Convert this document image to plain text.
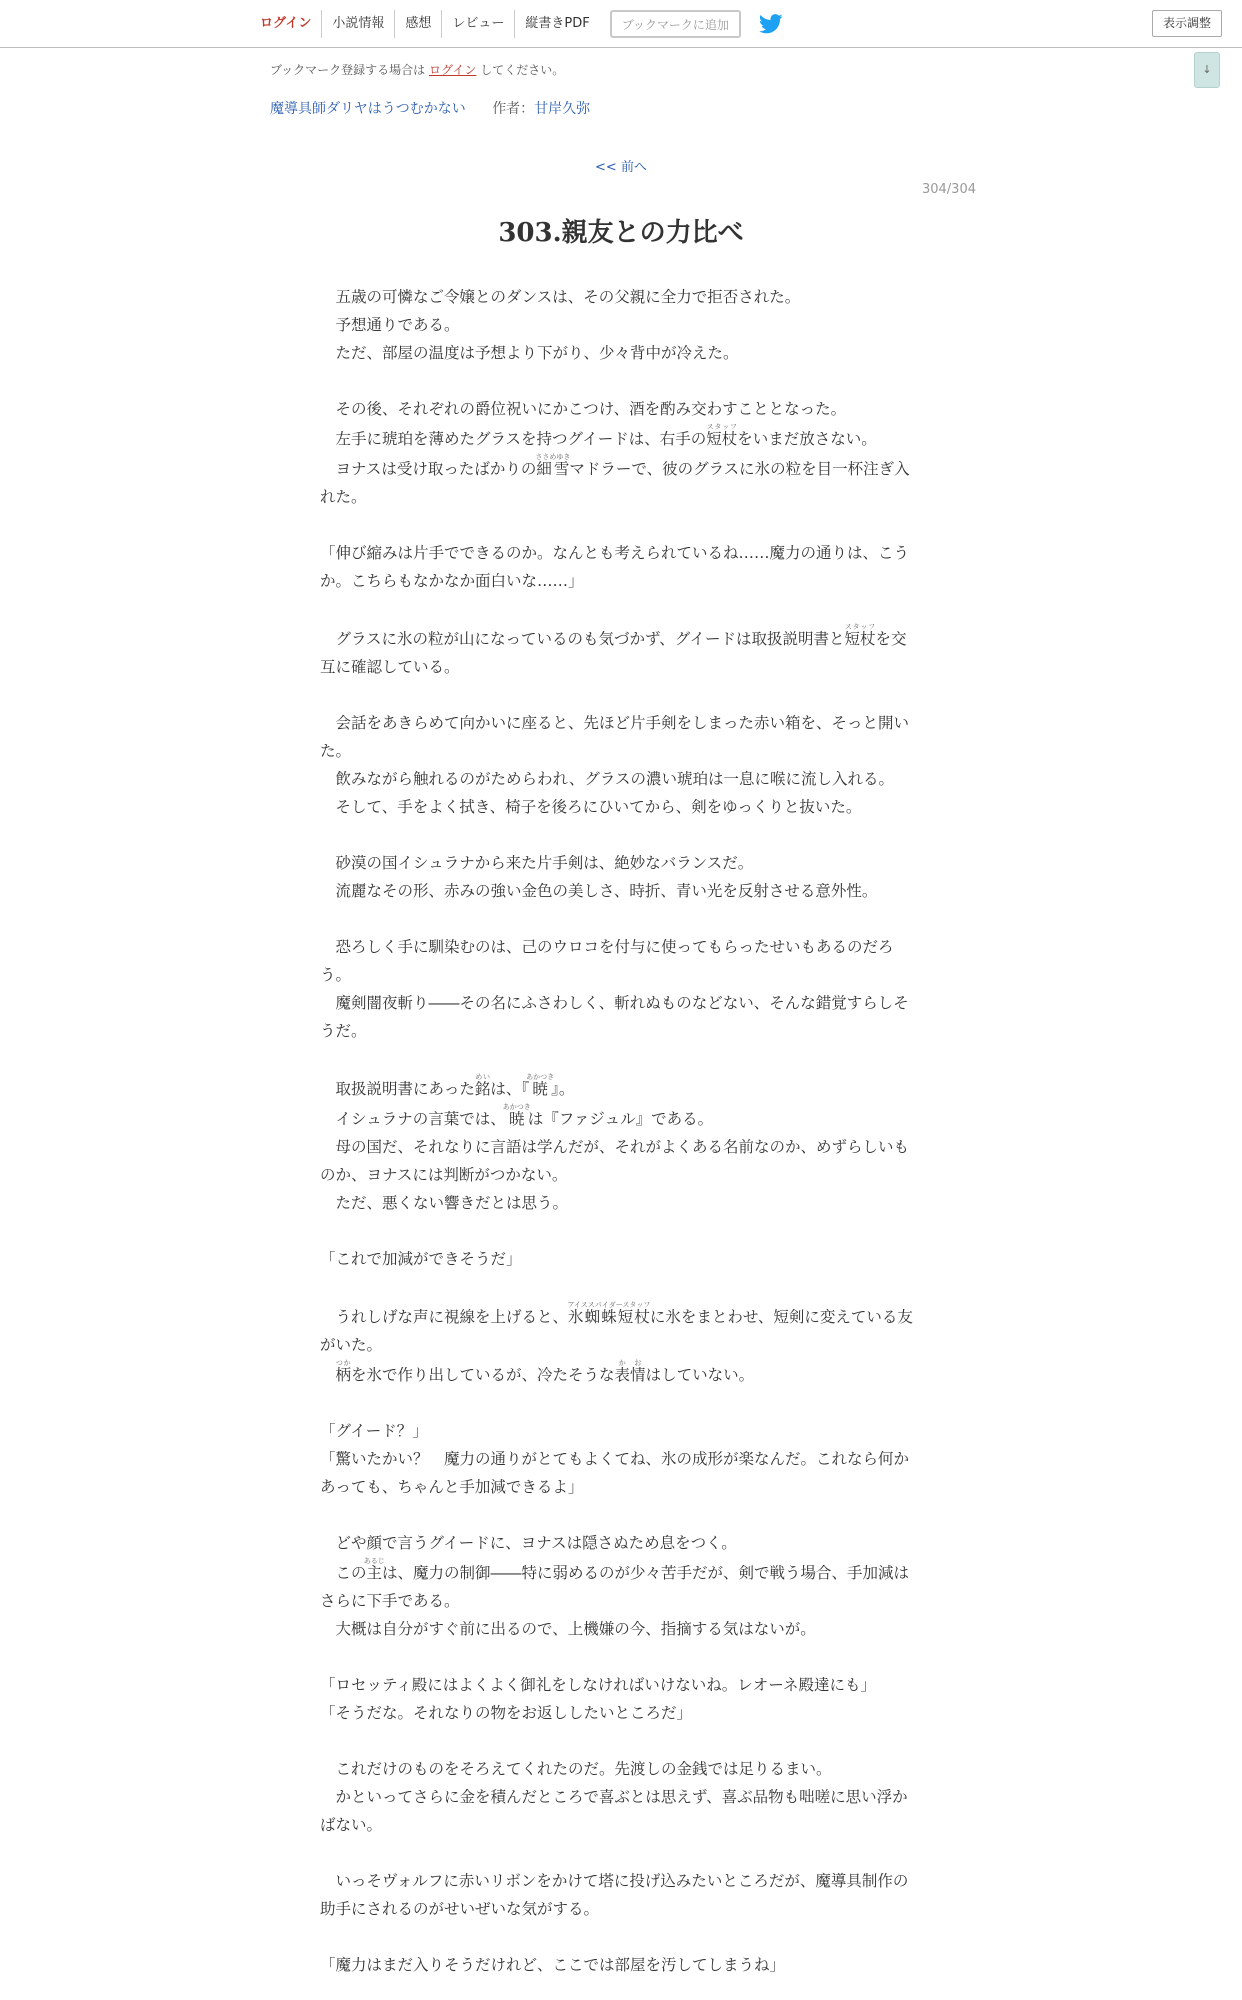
ログイン	小説情報	感想	レビュー	縦書きPDF	ブックマークに追加	表示調整
↓
ブックマーク登録する場合は ログイン してください。
魔導具師ダリヤはうつむかない 作者：甘岸久弥
<< 前へ
304/304
303.親友との力比べ

　五歳の可憐なご令嬢とのダンスは、その父親に全力で拒否された。

　予想通りである。

　ただ、部屋の温度は予想より下がり、少々背中が冷えた。

　その後、それぞれの爵位祝いにかこつけ、酒を酌み交わすこととなった。

　左手に琥珀を薄めたグラスを持つグイードは、右手の短杖スタッフをいまだ放さない。

　ヨナスは受け取ったばかりの細雪ささめゆきマドラーで、彼のグラスに氷の粒を目一杯注ぎ入れた。

「伸び縮みは片手でできるのか。なんとも考えられているね……魔力の通りは、こうか。こちらもなかなか面白いな……」

　グラスに氷の粒が山になっているのも気づかず、グイードは取扱説明書と短杖スタッフを交互に確認している。

　会話をあきらめて向かいに座ると、先ほど片手剣をしまった赤い箱を、そっと開いた。

　飲みながら触れるのがためらわれ、グラスの濃い琥珀は一息に喉に流し入れる。

　そして、手をよく拭き、椅子を後ろにひいてから、剣をゆっくりと抜いた。

　砂漠の国イシュラナから来た片手剣は、絶妙なバランスだ。

　流麗なその形、赤みの強い金色の美しさ、時折、青い光を反射させる意外性。

　恐ろしく手に馴染むのは、己のウロコを付与に使ってもらったせいもあるのだろう。

　魔剣闇夜斬り――その名にふさわしく、斬れぬものなどない、そんな錯覚すらしそうだ。

　取扱説明書にあった銘めいは、『暁あかつき』。

　イシュラナの言葉では、暁あかつきは『ファジュル』である。

　母の国だ、それなりに言語は学んだが、それがよくある名前なのか、めずらしいものか、ヨナスには判断がつかない。

　ただ、悪くない響きだとは思う。

「これで加減ができそうだ」

　うれしげな声に視線を上げると、氷蜘蛛短杖アイススパイダースタッフに氷をまとわせ、短剣に変えている友がいた。

　柄つかを氷で作り出しているが、冷たそうな表情かおはしていない。

「グイード？」

「驚いたかい？　魔力の通りがとてもよくてね、氷の成形が楽なんだ。これなら何かあっても、ちゃんと手加減できるよ」

　どや顔で言うグイードに、ヨナスは隠さぬため息をつく。

　この主あるじは、魔力の制御――特に弱めるのが少々苦手だが、剣で戦う場合、手加減はさらに下手である。

　大概は自分がすぐ前に出るので、上機嫌の今、指摘する気はないが。

「ロセッティ殿にはよくよく御礼をしなければいけないね。レオーネ殿達にも」

「そうだな。それなりの物をお返ししたいところだ」

　これだけのものをそろえてくれたのだ。先渡しの金銭では足りるまい。

　かといってさらに金を積んだところで喜ぶとは思えず、喜ぶ品物も咄嗟に思い浮かばない。

　いっそヴォルフに赤いリボンをかけて塔に投げ込みたいところだが、魔導具制作の助手にされるのがせいぜいな気がする。

「魔力はまだ入りそうだけれど、ここでは部屋を汚してしまうね」
